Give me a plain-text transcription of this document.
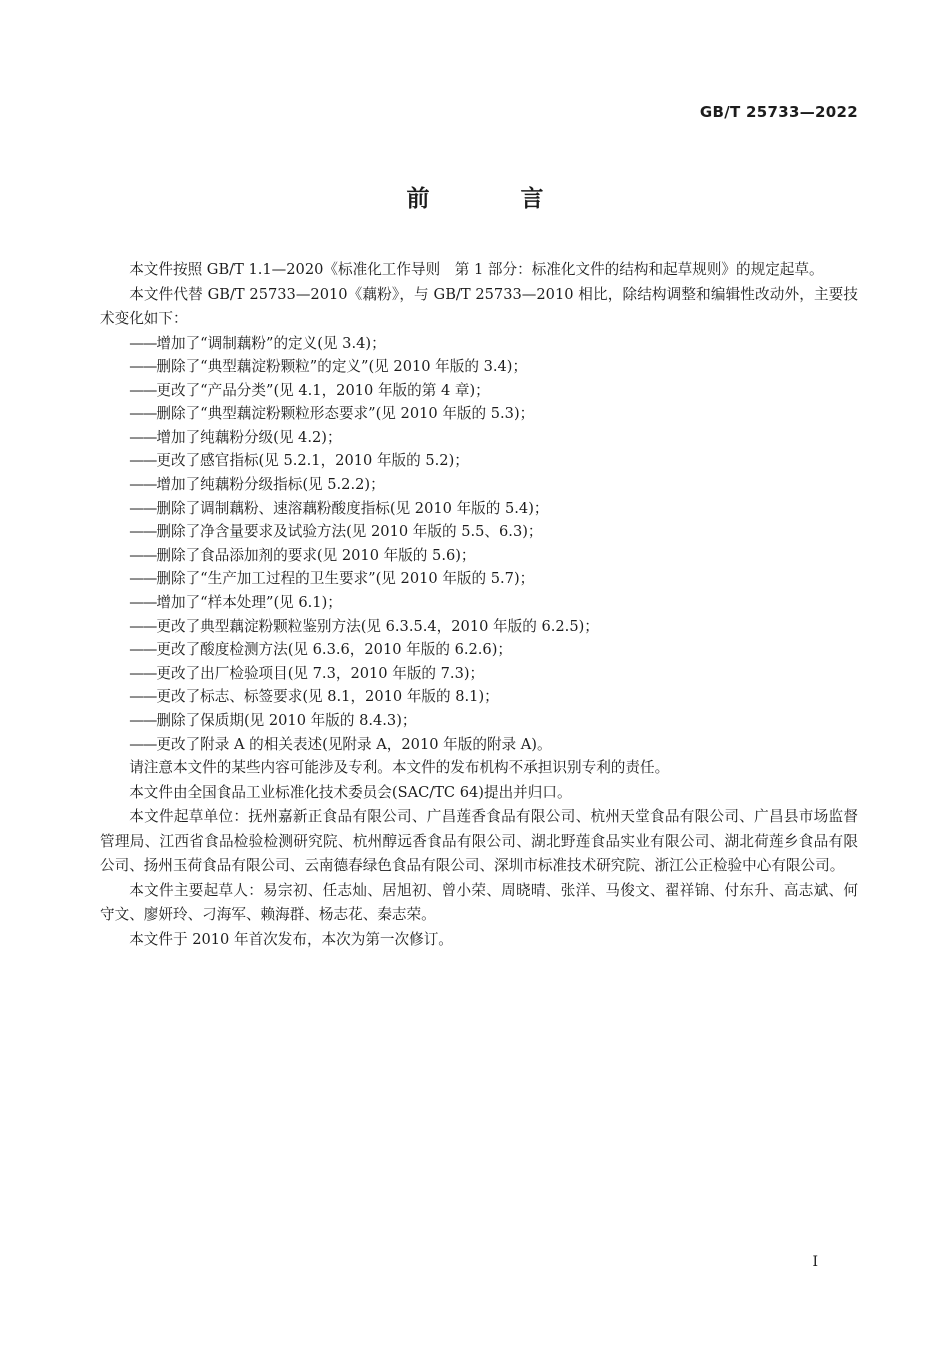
GB/T 25733—2022
前　言

本文件按照 GB/T 1.1—2020《标准化工作导则　第 1 部分：标准化文件的结构和起草规则》的规定起草。

本文件代替 GB/T 25733—2010《藕粉》，与 GB/T 25733—2010 相比，除结构调整和编辑性改动外，主要技术变化如下：

——增加了“调制藕粉”的定义(见 3.4)；
——删除了“典型藕淀粉颗粒”的定义”(见 2010 年版的 3.4)；
——更改了“产品分类”(见 4.1，2010 年版的第 4 章)；
——删除了“典型藕淀粉颗粒形态要求”(见 2010 年版的 5.3)；
——增加了纯藕粉分级(见 4.2)；
——更改了感官指标(见 5.2.1，2010 年版的 5.2)；
——增加了纯藕粉分级指标(见 5.2.2)；
——删除了调制藕粉、速溶藕粉酸度指标(见 2010 年版的 5.4)；
——删除了净含量要求及试验方法(见 2010 年版的 5.5、6.3)；
——删除了食品添加剂的要求(见 2010 年版的 5.6)；
——删除了“生产加工过程的卫生要求”(见 2010 年版的 5.7)；
——增加了“样本处理”(见 6.1)；
——更改了典型藕淀粉颗粒鉴别方法(见 6.3.5.4，2010 年版的 6.2.5)；
——更改了酸度检测方法(见 6.3.6，2010 年版的 6.2.6)；
——更改了出厂检验项目(见 7.3，2010 年版的 7.3)；
——更改了标志、标签要求(见 8.1，2010 年版的 8.1)；
——删除了保质期(见 2010 年版的 8.4.3)；
——更改了附录 A 的相关表述(见附录 A，2010 年版的附录 A)。

请注意本文件的某些内容可能涉及专利。本文件的发布机构不承担识别专利的责任。

本文件由全国食品工业标准化技术委员会(SAC/TC 64)提出并归口。

本文件起草单位：抚州嘉新正食品有限公司、广昌莲香食品有限公司、杭州天堂食品有限公司、广昌县市场监督管理局、江西省食品检验检测研究院、杭州醇远香食品有限公司、湖北野莲食品实业有限公司、湖北荷莲乡食品有限公司、扬州玉荷食品有限公司、云南德春绿色食品有限公司、深圳市标准技术研究院、浙江公正检验中心有限公司。

本文件主要起草人：易宗初、任志灿、居旭初、曾小荣、周晓晴、张洋、马俊文、翟祥锦、付东升、高志斌、何守文、廖妍玲、刁海军、赖海群、杨志花、秦志荣。

本文件于 2010 年首次发布，本次为第一次修订。

I
